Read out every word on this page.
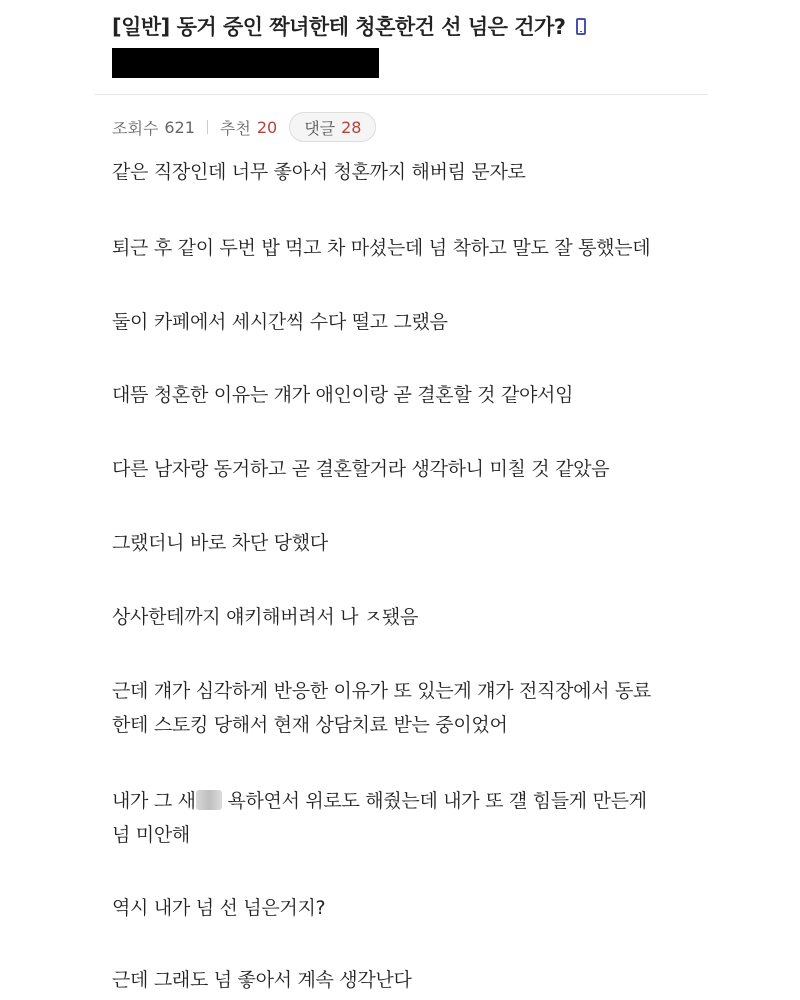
[일반] 동거 중인 짝녀한테 청혼한건 선 넘은 건가?
조회수 621 추천 20 댓글 28

같은 직장인데 너무 좋아서 청혼까지 해버림 문자로

퇴근 후 같이 두번 밥 먹고 차 마셨는데 넘 착하고 말도 잘 통했는데

둘이 카페에서 세시간씩 수다 떨고 그랬음

대뜸 청혼한 이유는 걔가 애인이랑 곧 결혼할 것 같야서임

다른 남자랑 동거하고 곧 결혼할거라 생각하니 미칠 것 같았음

그랬더니 바로 차단 당했다

상사한테까지 얘키해버려서 나 ㅈ됐음

근데 걔가 심각하게 반응한 이유가 또 있는게 걔가 전직장에서 동료
한테 스토킹 당해서 현재 상담치료 받는 중이었어

내가 그 새 욕하연서 위로도 해줬는데 내가 또 걜 힘들게 만든게
넘 미안해

역시 내가 넘 선 넘은거지?

근데 그래도 넘 좋아서 계속 생각난다
